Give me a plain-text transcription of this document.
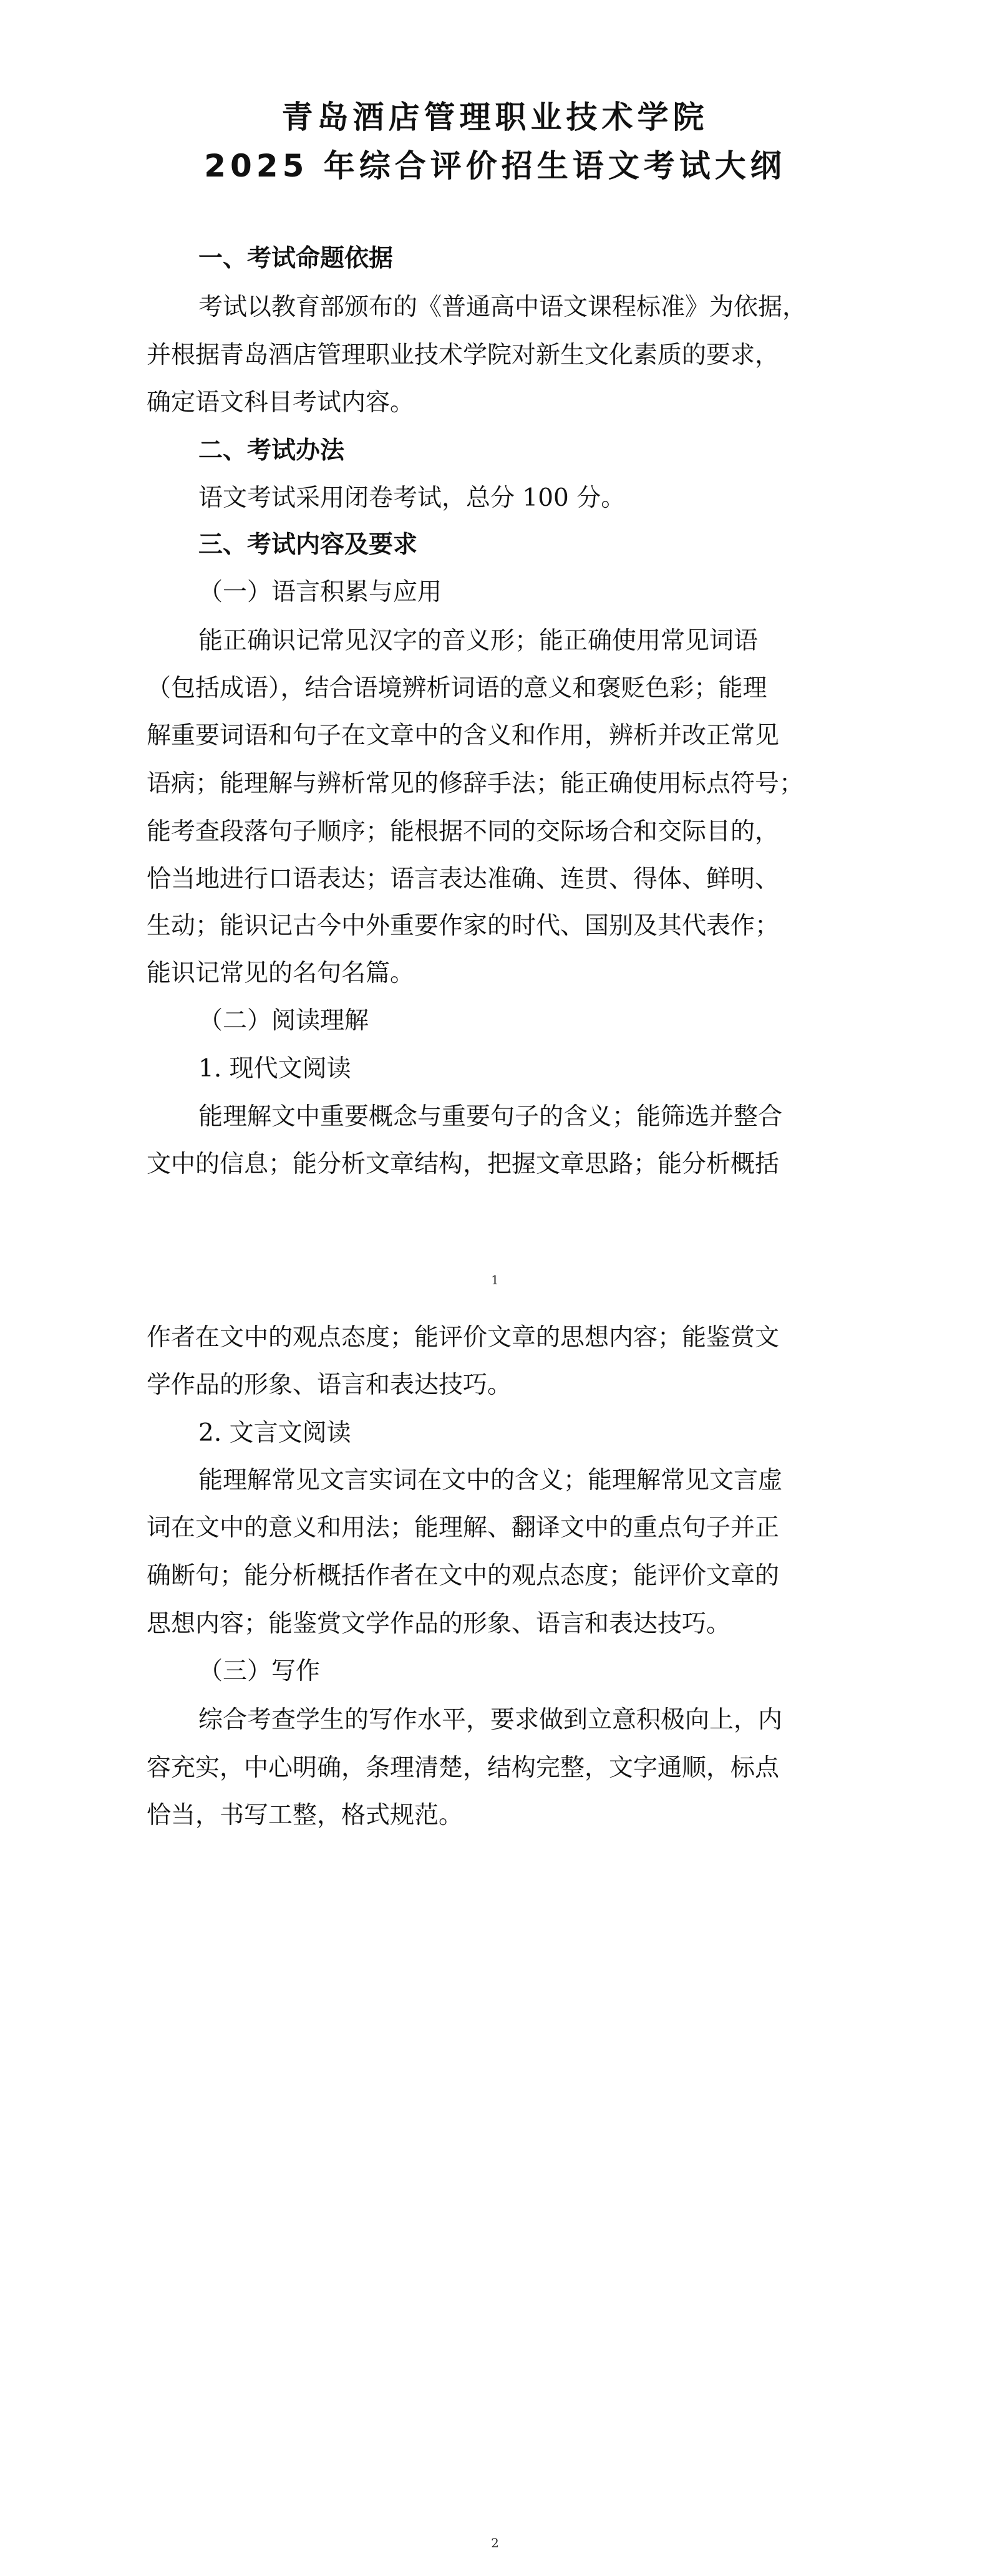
青岛酒店管理职业技术学院
2025 年综合评价招生语文考试大纲
一、考试命题依据
考试以教育部颁布的《普通高中语文课程标准》为依据，
并根据青岛酒店管理职业技术学院对新生文化素质的要求，
确定语文科目考试内容。
二、考试办法
语文考试采用闭卷考试，总分 100 分。
三、考试内容及要求
（一）语言积累与应用
能正确识记常见汉字的音义形；能正确使用常见词语
（包括成语），结合语境辨析词语的意义和褒贬色彩；能理
解重要词语和句子在文章中的含义和作用，辨析并改正常见
语病；能理解与辨析常见的修辞手法；能正确使用标点符号；
能考查段落句子顺序；能根据不同的交际场合和交际目的，
恰当地进行口语表达；语言表达准确、连贯、得体、鲜明、
生动；能识记古今中外重要作家的时代、国别及其代表作；
能识记常见的名句名篇。
（二）阅读理解
1. 现代文阅读
能理解文中重要概念与重要句子的含义；能筛选并整合
文中的信息；能分析文章结构，把握文章思路；能分析概括
1
作者在文中的观点态度；能评价文章的思想内容；能鉴赏文
学作品的形象、语言和表达技巧。
2. 文言文阅读
能理解常见文言实词在文中的含义；能理解常见文言虚
词在文中的意义和用法；能理解、翻译文中的重点句子并正
确断句；能分析概括作者在文中的观点态度；能评价文章的
思想内容；能鉴赏文学作品的形象、语言和表达技巧。
（三）写作
综合考查学生的写作水平，要求做到立意积极向上，内
容充实，中心明确，条理清楚，结构完整，文字通顺，标点
恰当，书写工整，格式规范。
2
